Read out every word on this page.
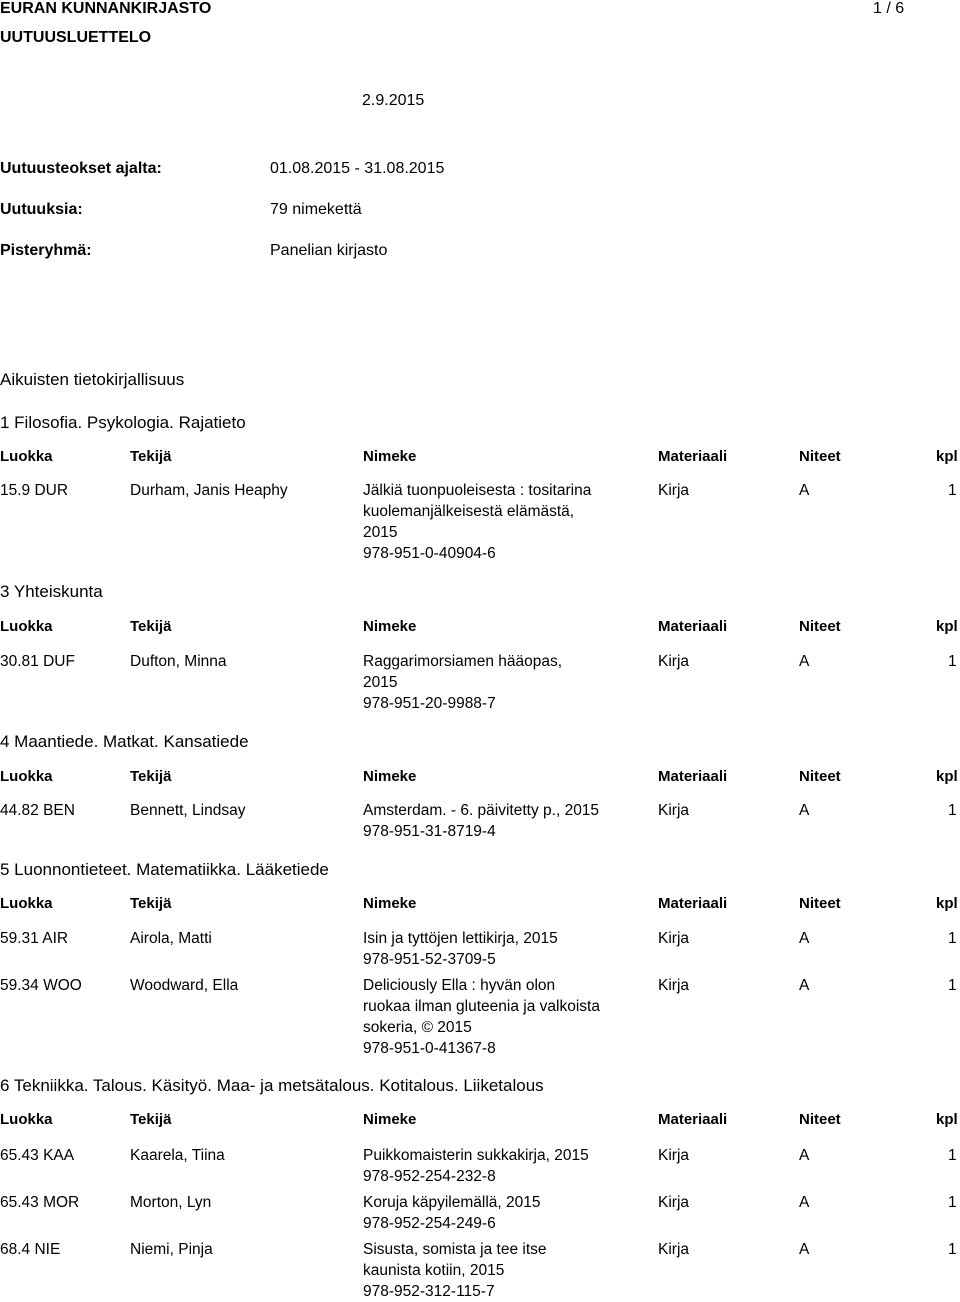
EURAN KUNNANKIRJASTO
UUTUUSLUETTELO
1 / 6
2.9.2015
Uutuusteokset ajalta:	01.08.2015 - 31.08.2015
Uutuuksia:	79 nimekettä
Pisteryhmä:	Panelian kirjasto
Aikuisten tietokirjallisuus
1 Filosofia. Psykologia. Rajatieto
Luokka	Tekijä	Nimeke	Materiaali	Niteet	kpl
15.9 DUR	Durham, Janis Heaphy	Jälkiä tuonpuoleisesta : tositarina
kuolemanjälkeisestä elämästä,
2015
978-951-0-40904-6
Kirja	A	1
3 Yhteiskunta
Luokka	Tekijä	Nimeke	Materiaali	Niteet	kpl
30.81 DUF	Dufton, Minna	Raggarimorsiamen hääopas,
2015
978-951-20-9988-7
Kirja	A	1
4 Maantiede. Matkat. Kansatiede
Luokka	Tekijä	Nimeke	Materiaali	Niteet	kpl
44.82 BEN	Bennett, Lindsay	Amsterdam. - 6. päivitetty p., 2015
978-951-31-8719-4
Kirja	A	1
5 Luonnontieteet. Matematiikka. Lääketiede
Luokka	Tekijä	Nimeke	Materiaali	Niteet	kpl
59.31 AIR	Airola, Matti	Isin ja tyttöjen lettikirja, 2015
978-951-52-3709-5
Kirja	A	1
59.34 WOO	Woodward, Ella	Deliciously Ella : hyvän olon
ruokaa ilman gluteenia ja valkoista
sokeria, © 2015
978-951-0-41367-8
Kirja	A	1
6 Tekniikka. Talous. Käsityö. Maa- ja metsätalous. Kotitalous. Liiketalous
Luokka	Tekijä	Nimeke	Materiaali	Niteet	kpl
65.43 KAA	Kaarela, Tiina	Puikkomaisterin sukkakirja, 2015
978-952-254-232-8
Kirja	A	1
65.43 MOR	Morton, Lyn	Koruja käpyilemällä, 2015
978-952-254-249-6
Kirja	A	1
68.4 NIE	Niemi, Pinja	Sisusta, somista ja tee itse
kaunista kotiin, 2015
978-952-312-115-7
Kirja	A	1
